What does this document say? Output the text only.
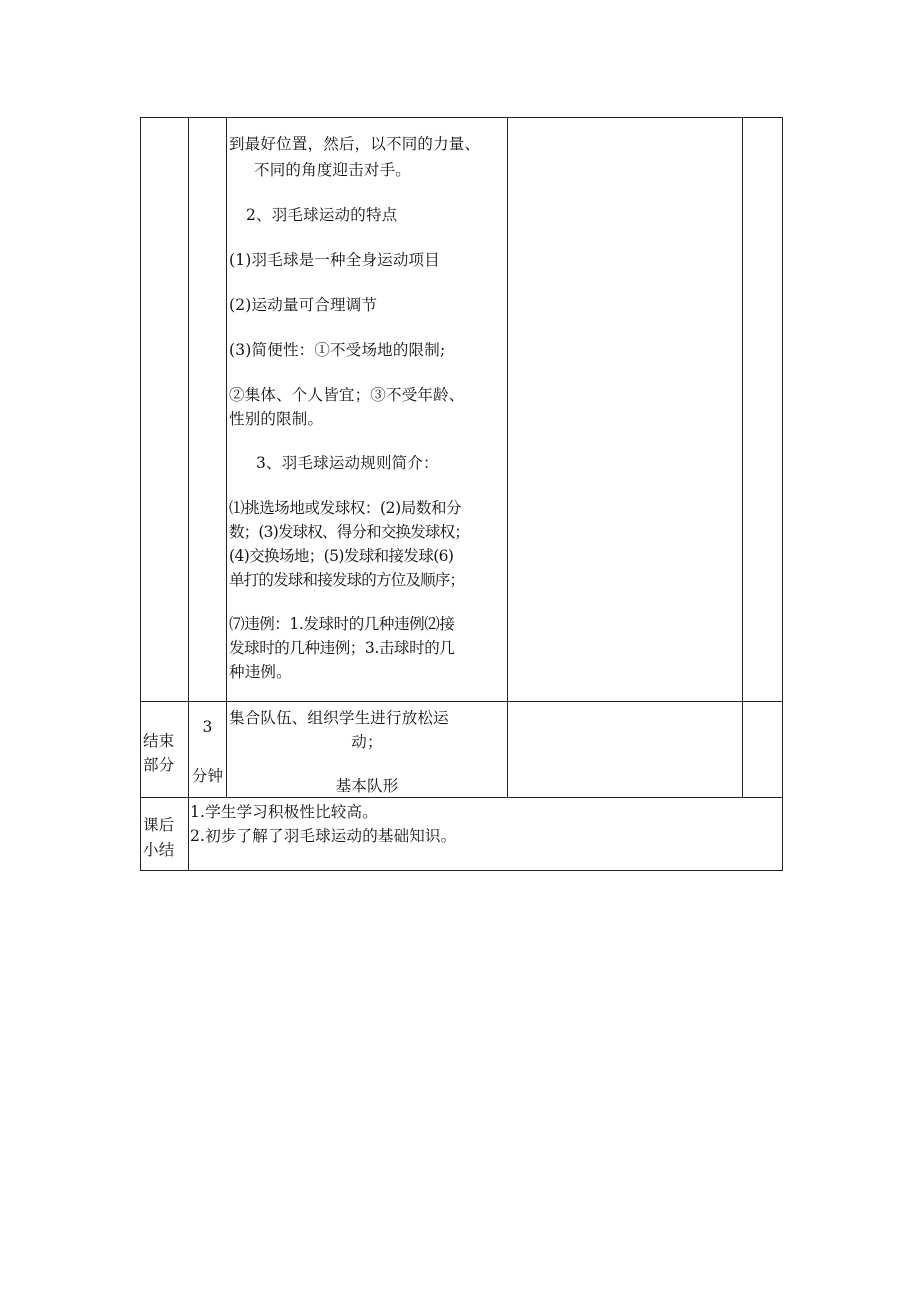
到最好位置，然后，以不同的力量、
不同的角度迎击对手。
2、羽毛球运动的特点
(1)羽毛球是一种全身运动项目
(2)运动量可合理调节
(3)简便性：①不受场地的限制;
②集体、个人皆宜；③不受年龄、
性别的限制。
3、羽毛球运动规则简介：
⑴挑选场地或发球权：(2)局数和分
数；(3)发球权、得分和交换发球权；
(4)交换场地；(5)发球和接发球(6)
单打的发球和接发球的方位及顺序；
⑺违例：1.发球时的几种违例⑵接
发球时的几种违例；3.击球时的几
种违例。
结束
部分
3
分钟
集合队伍、组织学生进行放松运
动；
基本队形
课后
小结
1.学生学习积极性比较高。
2.初步了解了羽毛球运动的基础知识。
